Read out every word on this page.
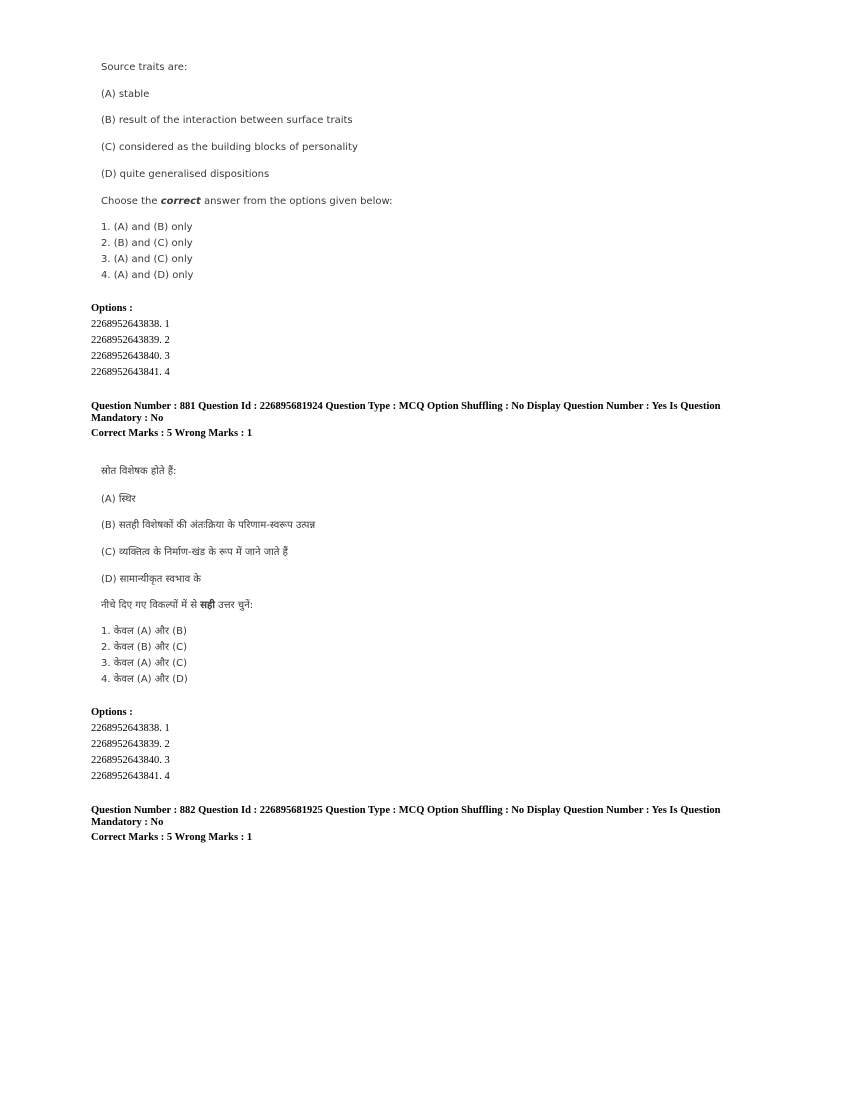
Source traits are:
(A) stable
(B) result of the interaction between surface traits
(C) considered as the building blocks of personality
(D) quite generalised dispositions
Choose the correct answer from the options given below:
1. (A) and (B) only
2. (B) and (C) only
3. (A) and (C) only
4. (A) and (D) only
Options :
2268952643838. 1
2268952643839. 2
2268952643840. 3
2268952643841. 4
Question Number : 881 Question Id : 226895681924 Question Type : MCQ Option Shuffling : No Display Question Number : Yes Is Question
Mandatory : No
Correct Marks : 5 Wrong Marks : 1
स्रोत विशेषक होते हैं:
(A) स्थिर
(B) सतही विशेषकों की अंतःक्रिया के परिणाम-स्वरूप उत्पन्न
(C) व्यक्तित्व के निर्माण-खंड के रूप में जाने जाते हैं
(D) सामान्यीकृत स्वभाव के
नीचे दिए गए विकल्पों में से सही उत्तर चुनें:
1. केवल (A) और (B)
2. केवल (B) और (C)
3. केवल (A) और (C)
4. केवल (A) और (D)
Options :
2268952643838. 1
2268952643839. 2
2268952643840. 3
2268952643841. 4
Question Number : 882 Question Id : 226895681925 Question Type : MCQ Option Shuffling : No Display Question Number : Yes Is Question
Mandatory : No
Correct Marks : 5 Wrong Marks : 1
